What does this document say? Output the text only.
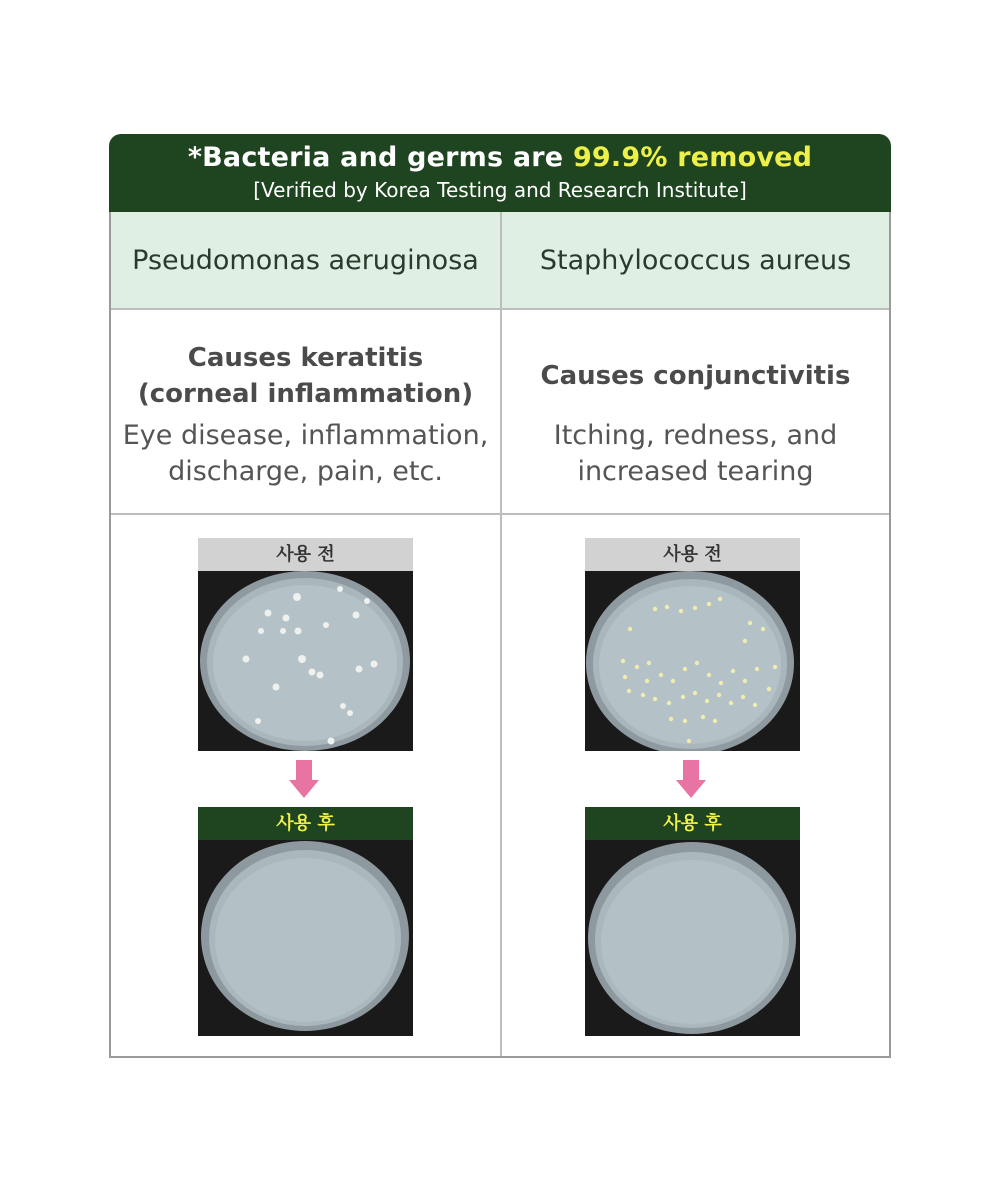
*Bacteria and germs are 99.9% removed
[Verified by Korea Testing and Research Institute]
Pseudomonas aeruginosa
Causes keratitis
(corneal inflammation)
Eye disease, inflammation,
discharge, pain, etc.
Staphylococcus aureus
Causes conjunctivitis
Itching, redness, and
increased tearing
사용 전
사용 후
사용 전
사용 후
